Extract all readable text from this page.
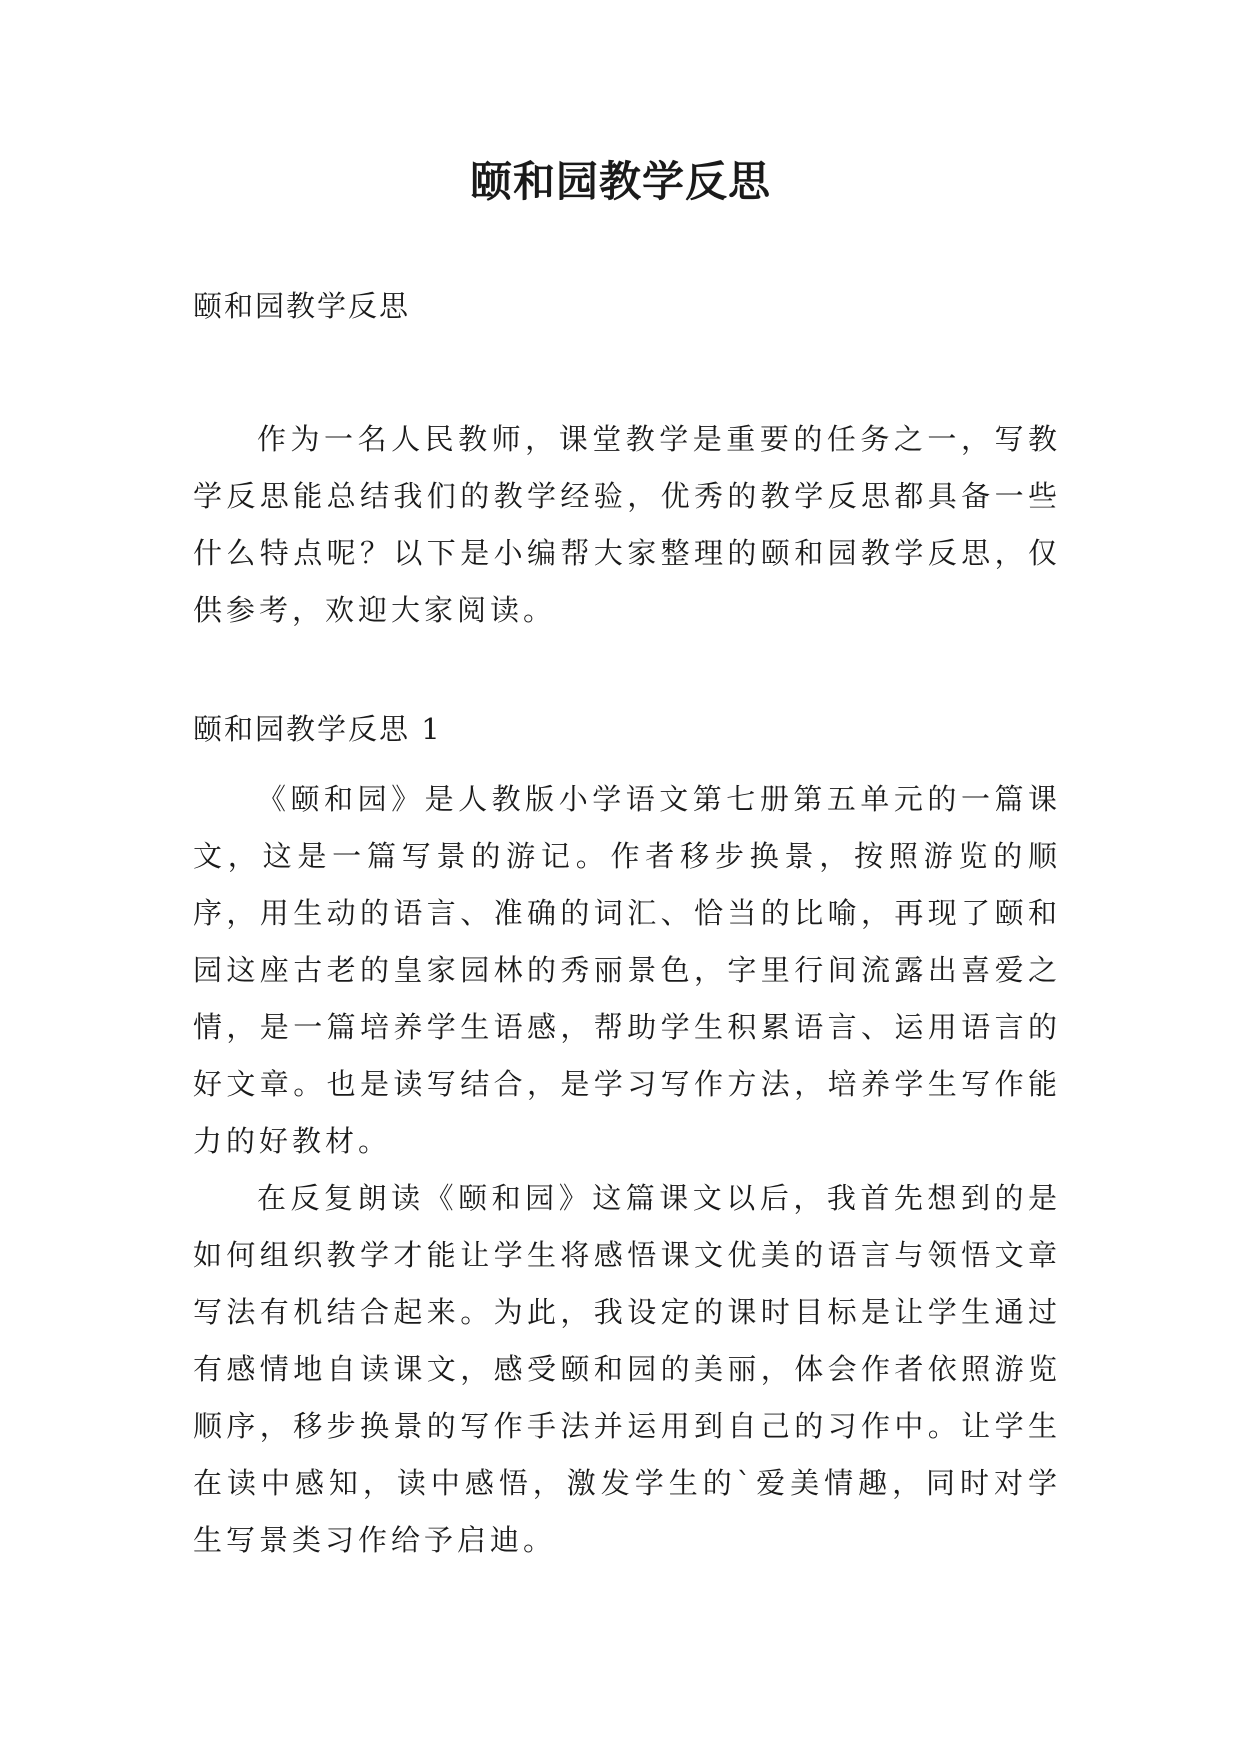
颐和园教学反思

颐和园教学反思

作为一名人民教师，课堂教学是重要的任务之一，写教学反思能总结我们的教学经验，优秀的教学反思都具备一些什么特点呢？以下是小编帮大家整理的颐和园教学反思，仅供参考，欢迎大家阅读。

颐和园教学反思 1

《颐和园》是人教版小学语文第七册第五单元的一篇课文，这是一篇写景的游记。作者移步换景，按照游览的顺序，用生动的语言、准确的词汇、恰当的比喻，再现了颐和园这座古老的皇家园林的秀丽景色，字里行间流露出喜爱之情，是一篇培养学生语感，帮助学生积累语言、运用语言的好文章。也是读写结合，是学习写作方法，培养学生写作能力的好教材。

在反复朗读《颐和园》这篇课文以后，我首先想到的是如何组织教学才能让学生将感悟课文优美的语言与领悟文章写法有机结合起来。为此，我设定的课时目标是让学生通过有感情地自读课文，感受颐和园的美丽，体会作者依照游览顺序，移步换景的写作手法并运用到自己的习作中。让学生在读中感知，读中感悟，激发学生的`爱美情趣，同时对学生写景类习作给予启迪。
